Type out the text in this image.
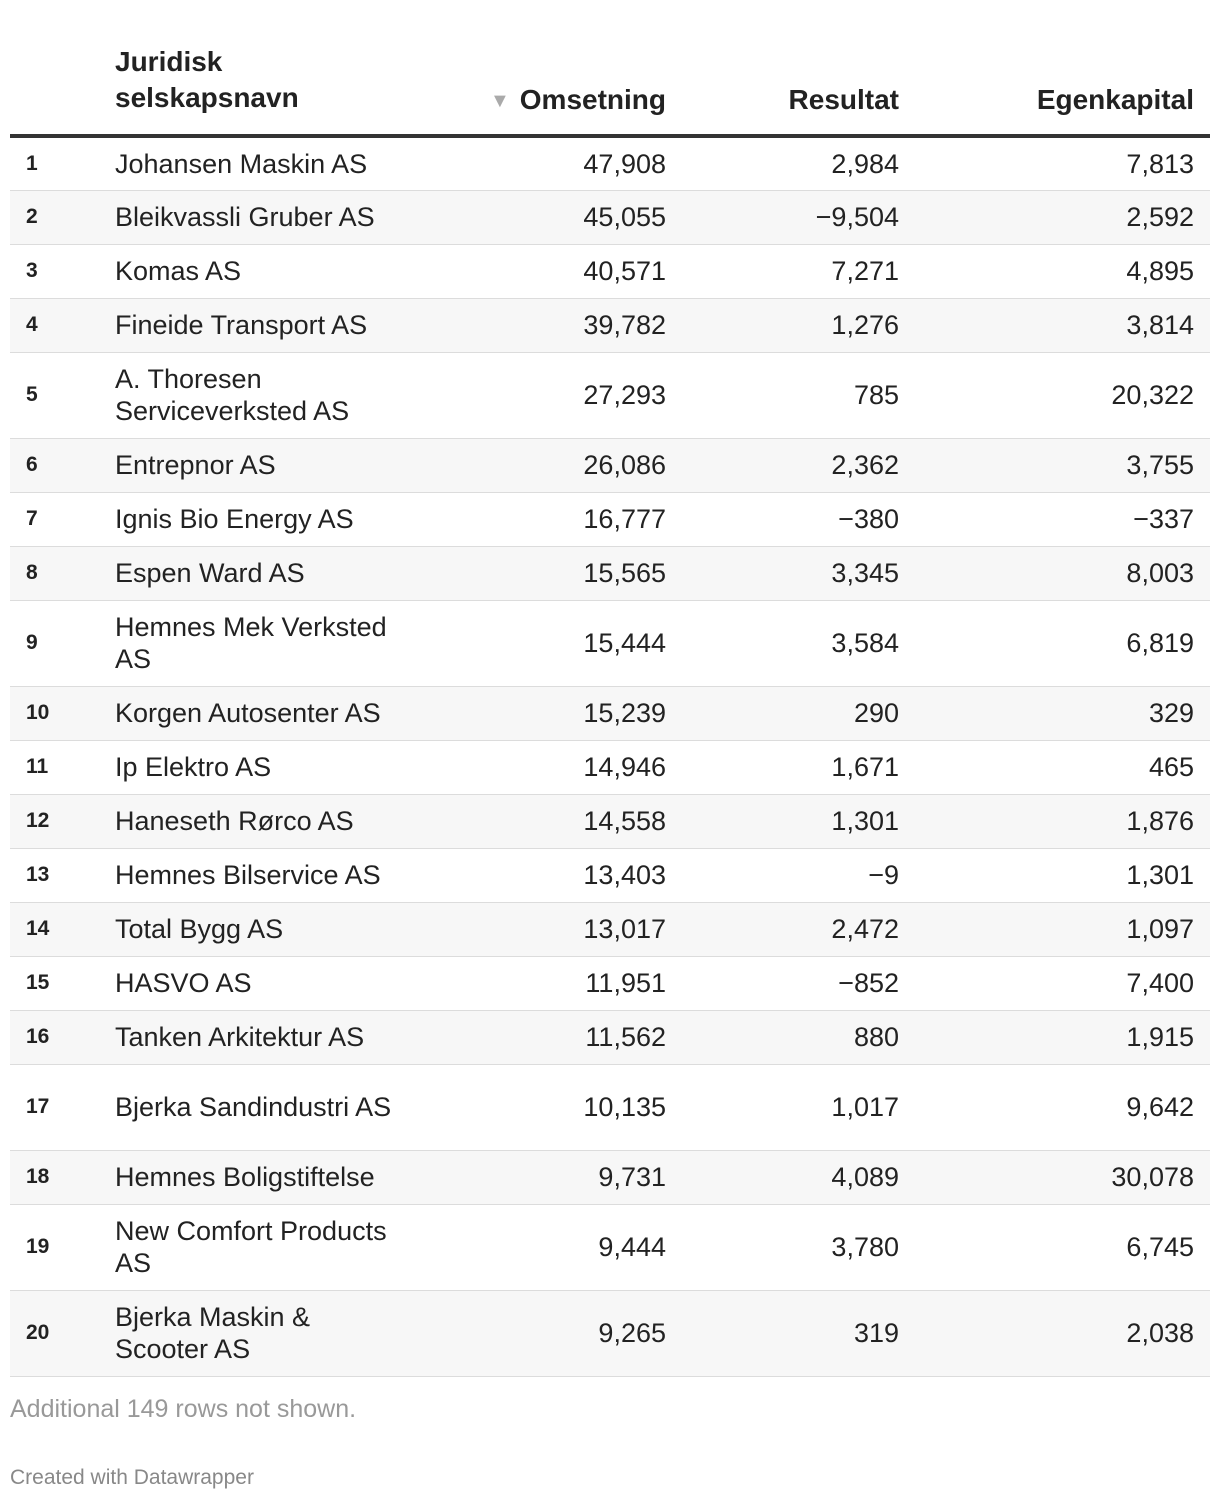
	Juridisk
selskapsnavn	▼ Omsetning	Resultat	Egenkapital
1	Johansen Maskin AS	47,908	2,984	7,813
2	Bleikvassli Gruber AS	45,055	−9,504	2,592
3	Komas AS	40,571	7,271	4,895
4	Fineide Transport AS	39,782	1,276	3,814
5	A. Thoresen Serviceverksted AS	27,293	785	20,322
6	Entrepnor AS	26,086	2,362	3,755
7	Ignis Bio Energy AS	16,777	−380	−337
8	Espen Ward AS	15,565	3,345	8,003
9	Hemnes Mek Verksted AS	15,444	3,584	6,819
10	Korgen Autosenter AS	15,239	290	329
11	Ip Elektro AS	14,946	1,671	465
12	Haneseth Rørco AS	14,558	1,301	1,876
13	Hemnes Bilservice AS	13,403	−9	1,301
14	Total Bygg AS	13,017	2,472	1,097
15	HASVO AS	11,951	−852	7,400
16	Tanken Arkitektur AS	11,562	880	1,915
17	Bjerka Sandindustri AS	10,135	1,017	9,642
18	Hemnes Boligstiftelse	9,731	4,089	30,078
19	New Comfort Products AS	9,444	3,780	6,745
20	Bjerka Maskin & Scooter AS	9,265	319	2,038
Additional 149 rows not shown.
Created with Datawrapper
